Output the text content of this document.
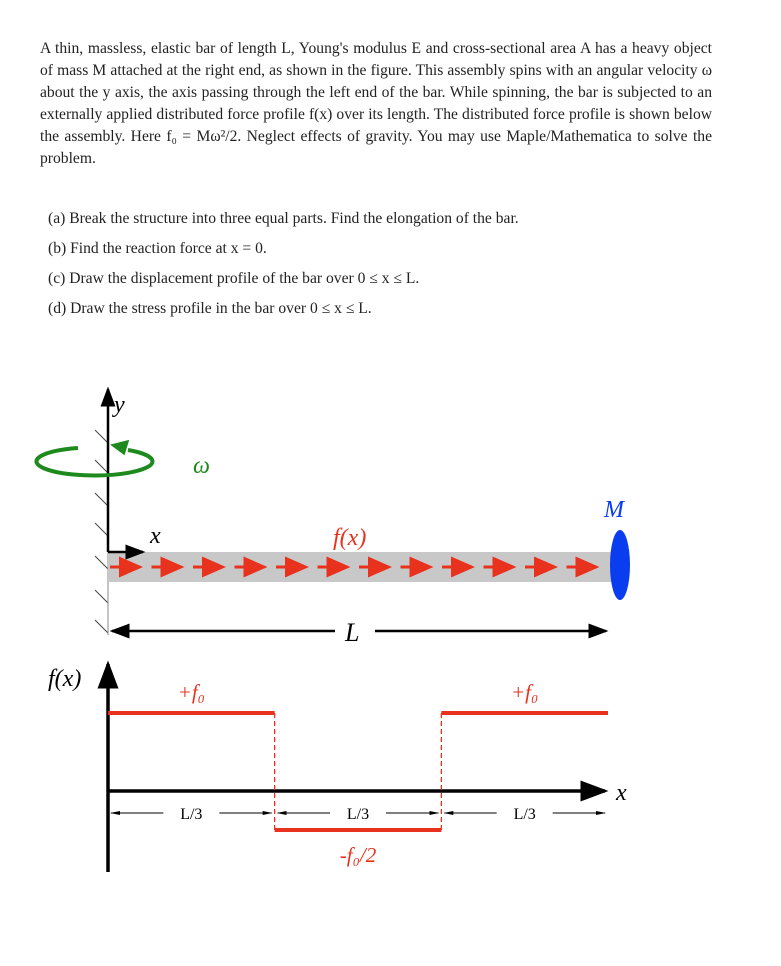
A thin, massless, elastic bar of length L, Young's modulus E and cross-sectional area A has a heavy object of mass M attached at the right end, as shown in the figure. This assembly spins with an angular velocity ω about the y axis, the axis passing through the left end of the bar. While spinning, the bar is subjected to an externally applied distributed force profile f(x) over its length. The distributed force profile is shown below the assembly. Here f₀ = Mω²/2. Neglect effects of gravity. You may use Maple/Mathematica to solve the problem.

(a) Break the structure into three equal parts. Find the elongation of the bar.
(b) Find the reaction force at x = 0.
(c) Draw the displacement profile of the bar over 0 ≤ x ≤ L.
(d) Draw the stress profile in the bar over 0 ≤ x ≤ L.
y
ω
x	f(x)
M
L
f(x)
x
+f₀
L/3
-f₀/2
L/3
+f₀
L/3
